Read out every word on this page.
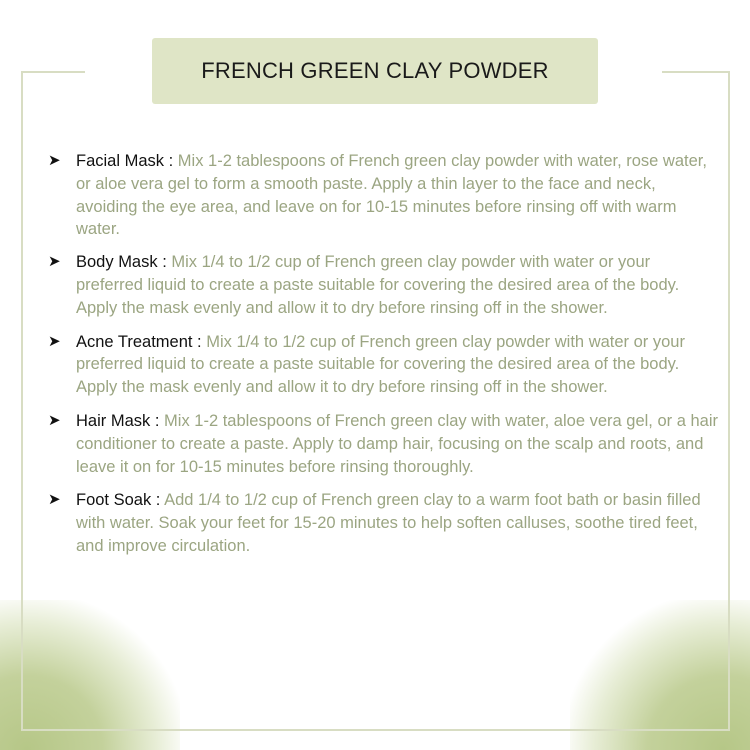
FRENCH GREEN CLAY POWDER
➤ Facial Mask : Mix 1-2 tablespoons of French green clay powder with water, rose water, or aloe vera gel to form a smooth paste. Apply a thin layer to the face and neck, avoiding the eye area, and leave on for 10-15 minutes before rinsing off with warm water.
➤ Body Mask : Mix 1/4 to 1/2 cup of French green clay powder with water or your preferred liquid to create a paste suitable for covering the desired area of the body. Apply the mask evenly and allow it to dry before rinsing off in the shower.
➤ Acne Treatment : Mix 1/4 to 1/2 cup of French green clay powder with water or your preferred liquid to create a paste suitable for covering the desired area of the body. Apply the mask evenly and allow it to dry before rinsing off in the shower.
➤ Hair Mask : Mix 1-2 tablespoons of French green clay with water, aloe vera gel, or a hair conditioner to create a paste. Apply to damp hair, focusing on the scalp and roots, and leave it on for 10-15 minutes before rinsing thoroughly.
➤ Foot Soak : Add 1/4 to 1/2 cup of French green clay to a warm foot bath or basin filled with water. Soak your feet for 15-20 minutes to help soften calluses, soothe tired feet, and improve circulation.
